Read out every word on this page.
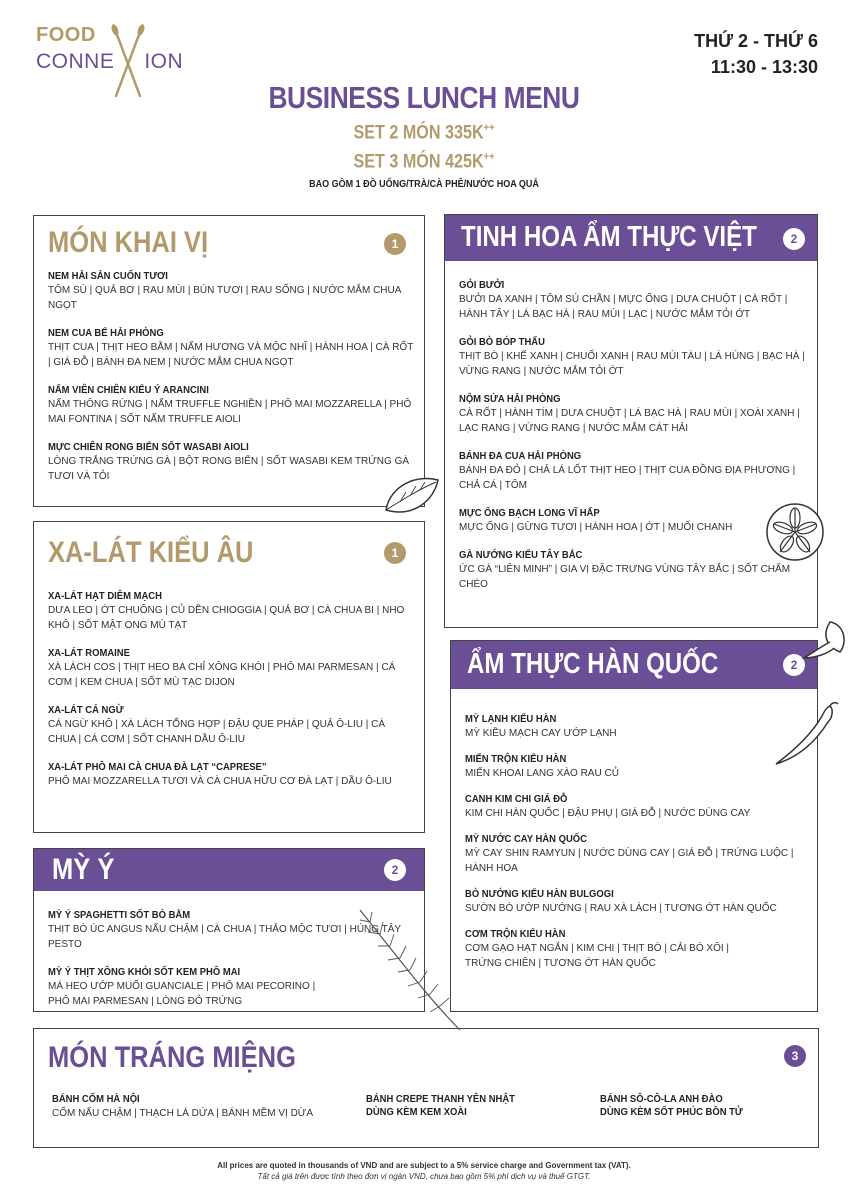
FOOD
CONNE ION
THỨ 2 - THỨ 6
11:30 - 13:30
BUSINESS LUNCH MENU
SET 2 MÓN 335K++
SET 3 MÓN 425K++
BAO GỒM 1 ĐỒ UỐNG/TRÀ/CÀ PHÊ/NƯỚC HOA QUẢ
MÓN KHAI VỊ	1
NEM HẢI SẢN CUỐN TƯƠI
TÔM SÚ | QUẢ BƠ | RAU MÙI | BÚN TƯƠI | RAU SỐNG | NƯỚC MẮM CHUA NGỌT
NEM CUA BỂ HẢI PHÒNG
THỊT CUA | THỊT HEO BẰM | NẤM HƯƠNG VÀ MỘC NHĨ | HÀNH HOA | CÀ RỐT | GIÁ ĐỖ | BÁNH ĐA NEM | NƯỚC MẮM CHUA NGỌT
NẤM VIÊN CHIÊN KIỂU Ý ARANCINI
NẤM THÔNG RỪNG | NẤM TRUFFLE NGHIỀN | PHÔ MAI MOZZARELLA | PHÔ MAI FONTINA | SỐT NẤM TRUFFLE AIOLI
MỰC CHIÊN RONG BIỂN SỐT WASABI AIOLI
LÒNG TRẮNG TRỨNG GÀ | BỘT RONG BIỂN | SỐT WASABI KEM TRỨNG GÀ TƯƠI VÀ TỎI
XA-LÁT KIỂU ÂU	1
XA-LÁT HẠT DIÊM MẠCH
DƯA LEO | ỚT CHUÔNG | CỦ DỀN CHIOGGIA | QUẢ BƠ | CÀ CHUA BI | NHO KHÔ | SỐT MẬT ONG MÙ TẠT
XA-LÁT ROMAINE
XÀ LÁCH COS | THỊT HEO BA CHỈ XÔNG KHÓI | PHÔ MAI PARMESAN | CÁ CƠM | KEM CHUA | SỐT MÙ TẠC DIJON
XA-LÁT CÁ NGỪ
CÁ NGỪ KHÔ | XÀ LÁCH TỔNG HỢP | ĐẬU QUE PHÁP | QUẢ Ô-LIU | CÀ CHUA | CÁ CƠM | SỐT CHANH DẦU Ô-LIU
XA-LÁT PHÔ MAI CÀ CHUA ĐÀ LẠT “CAPRESE”
PHÔ MAI MOZZARELLA TƯƠI VÀ CÀ CHUA HỮU CƠ ĐÀ LẠT | DẦU Ô-LIU
MỲ Ý	2
MỲ Ý SPAGHETTI SỐT BÒ BẰM
THỊT BÒ ÚC ANGUS NẤU CHẬM | CÀ CHUA | THẢO MỘC TƯƠI | HÚNG TÂY PESTO
MỲ Ý THỊT XÔNG KHÓI SỐT KEM PHÔ MAI
MÁ HEO ƯỚP MUỐI GUANCIALE | PHÔ MAI PECORINO | PHÔ MAI PARMESAN | LÒNG ĐỎ TRỨNG
TINH HOA ẨM THỰC VIỆT	2
GỎI BƯỞI
BƯỞI DA XANH | TÔM SÚ CHẦN | MỰC ỐNG | DƯA CHUỘT | CÀ RỐT | HÀNH TÂY | LÁ BẠC HÀ | RAU MÙI | LẠC | NƯỚC MẮM TỎI ỚT
GỎI BÒ BÓP THẤU
THỊT BÒ | KHẾ XANH | CHUỐI XANH | RAU MÙI TÀU | LÁ HÚNG | BẠC HÀ | VỪNG RANG | NƯỚC MẮM TỎI ỚT
NỘM SỨA HẢI PHÒNG
CÀ RỐT | HÀNH TÍM | DƯA CHUỘT | LÁ BẠC HÀ | RAU MÙI | XOÀI XANH | LẠC RANG | VỪNG RANG | NƯỚC MẮM CÁT HẢI
BÁNH ĐA CUA HẢI PHÒNG
BÁNH ĐA ĐỎ | CHẢ LÁ LỐT THỊT HEO | THỊT CUA ĐỒNG ĐỊA PHƯƠNG | CHẢ CÁ | TÔM
MỰC ỐNG BẠCH LONG VĨ HẤP
MỰC ỐNG | GỪNG TƯƠI | HÀNH HOA | ỚT | MUỐI CHANH
GÀ NƯỚNG KIỂU TÂY BẮC
ỨC GÀ “LIÊN MINH” | GIA VỊ ĐẶC TRƯNG VÙNG TÂY BẮC | SỐT CHẨM CHÉO
ẨM THỰC HÀN QUỐC	2
MỲ LẠNH KIỂU HÀN
MỲ KIỀU MẠCH CAY ƯỚP LẠNH
MIẾN TRỘN KIỂU HÀN
MIẾN KHOAI LANG XÀO RAU CỦ
CANH KIM CHI GIÁ ĐỖ
KIM CHI HÀN QUỐC | ĐẬU PHỤ | GIÁ ĐỖ | NƯỚC DÙNG CAY
MỲ NƯỚC CAY HÀN QUỐC
MỲ CAY SHIN RAMYUN | NƯỚC DÙNG CAY | GIÁ ĐỖ | TRỨNG LUỘC | HÀNH HOA
BÒ NƯỚNG KIỂU HÀN BULGOGI
SƯỜN BÒ ƯỚP NƯỚNG | RAU XÀ LÁCH | TƯƠNG ỚT HÀN QUỐC
CƠM TRỘN KIỂU HÀN
CƠM GẠO HẠT NGẮN | KIM CHI | THỊT BÒ | CẢI BÓ XÔI | TRỨNG CHIÊN | TƯƠNG ỚT HÀN QUỐC
MÓN TRÁNG MIỆNG	3
BÁNH CỐM HÀ NỘI
CỐM NẤU CHẬM | THẠCH LÁ DỨA | BÁNH MỀM VỊ DỪA
BÁNH CREPE THANH YÊN NHẬT
DÙNG KÈM KEM XOÀI
BÁNH SÔ-CÔ-LA ANH ĐÀO
DÙNG KÈM SỐT PHÚC BỒN TỬ
All prices are quoted in thousands of VND and are subject to a 5% service charge and Government tax (VAT).
Tất cả giá trên được tính theo đơn vị ngàn VND, chưa bao gồm 5% phí dịch vụ và thuế GTGT.
